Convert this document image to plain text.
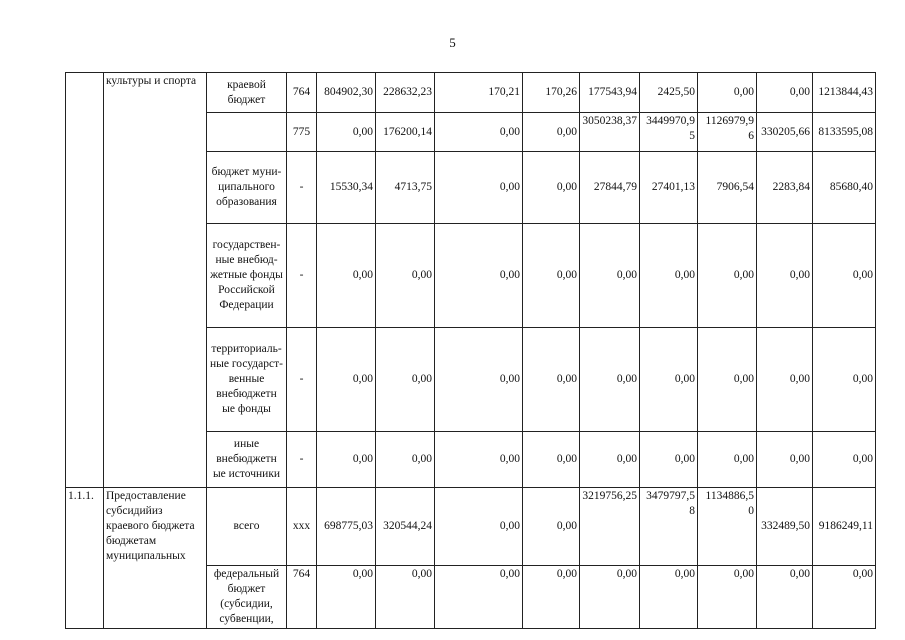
5
	культуры и спорта	краевой бюджет	764	804902,30	228632,23	170,21	170,26	177543,94	2425,50	0,00	0,00	1213844,43
			775	0,00	176200,14	0,00	0,00	3050238,37	3449970,95	1126979,96	330205,66	8133595,08
		бюджет муни-ципального образования	-	15530,34	4713,75	0,00	0,00	27844,79	27401,13	7906,54	2283,84	85680,40
		государствен-ные внебюд-жетные фонды Российской Федерации	-	0,00	0,00	0,00	0,00	0,00	0,00	0,00	0,00	0,00
		территориаль-ные государст-венные внебюджетн ые фонды	-	0,00	0,00	0,00	0,00	0,00	0,00	0,00	0,00	0,00
		иные внебюджетн ые источники	-	0,00	0,00	0,00	0,00	0,00	0,00	0,00	0,00	0,00
1.1.1.	Предоставление субсидийиз краевого бюджета бюджетам муниципальных	всего	ххх	698775,03	320544,24	0,00	0,00	3219756,25	3479797,58	1134886,50	332489,50	9186249,11
		федеральный бюджет (субсидии, субвенции,	764	0,00	0,00	0,00	0,00	0,00	0,00	0,00	0,00	0,00
